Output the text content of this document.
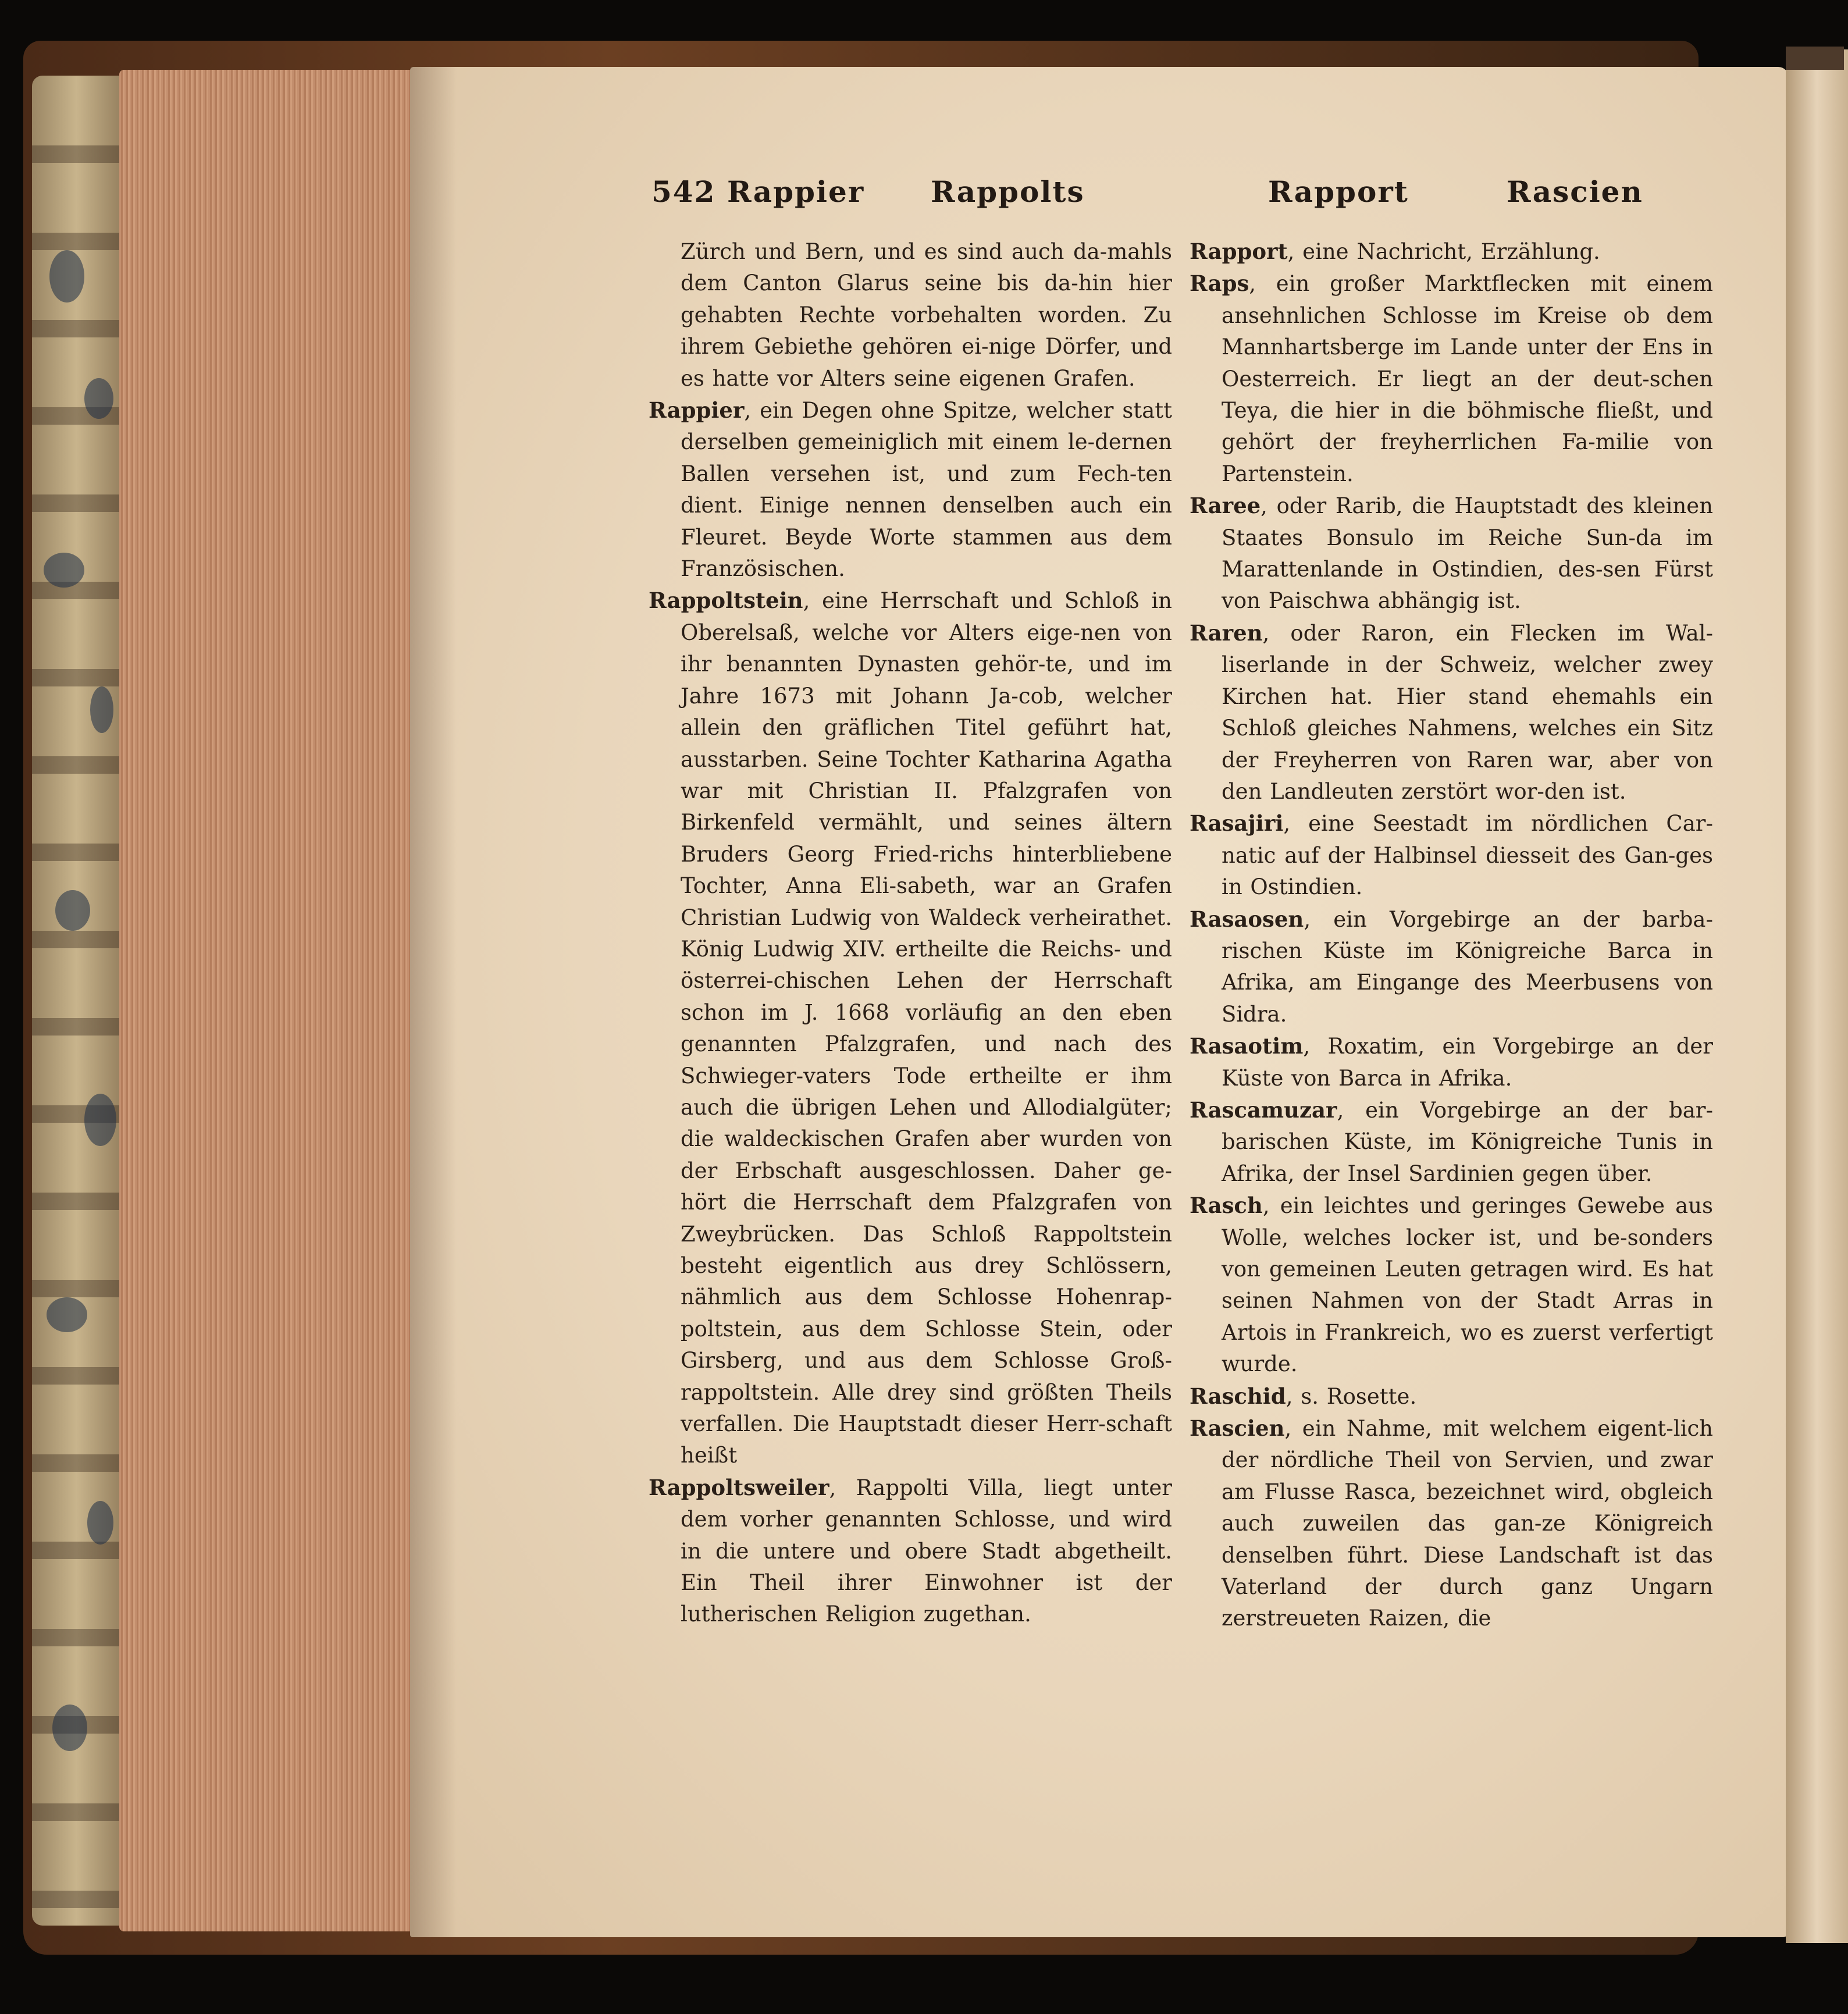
542 Rappier Rappolts	Rapport	Rascien

Zürch und Bern, und es sind auch da-mahls dem Canton Glarus seine bis da-hin hier gehabten Rechte vorbehalten worden. Zu ihrem Gebiethe gehören ei-nige Dörfer, und es hatte vor Alters seine eigenen Grafen.

Rappier, ein Degen ohne Spitze, welcher statt derselben gemeiniglich mit einem le-dernen Ballen versehen ist, und zum Fech-ten dient. Einige nennen denselben auch ein Fleuret. Beyde Worte stammen aus dem Französischen.

Rappoltstein, eine Herrschaft und Schloß in Oberelsaß, welche vor Alters eige-nen von ihr benannten Dynasten gehör-te, und im Jahre 1673 mit Johann Ja-cob, welcher allein den gräflichen Titel geführt hat, ausstarben. Seine Tochter Katharina Agatha war mit Christian II. Pfalzgrafen von Birkenfeld vermählt, und seines ältern Bruders Georg Fried-richs hinterbliebene Tochter, Anna Eli-sabeth, war an Grafen Christian Ludwig von Waldeck verheirathet. König Ludwig XIV. ertheilte die Reichs- und österrei-chischen Lehen der Herrschaft schon im J. 1668 vorläufig an den eben genannten Pfalzgrafen, und nach des Schwieger-vaters Tode ertheilte er ihm auch die übrigen Lehen und Allodialgüter; die waldeckischen Grafen aber wurden von der Erbschaft ausgeschlossen. Daher ge-hört die Herrschaft dem Pfalzgrafen von Zweybrücken. Das Schloß Rappoltstein besteht eigentlich aus drey Schlössern, nähmlich aus dem Schlosse Hohenrap-poltstein, aus dem Schlosse Stein, oder Girsberg, und aus dem Schlosse Groß-rappoltstein. Alle drey sind größten Theils verfallen. Die Hauptstadt dieser Herr-schaft heißt

Rappoltsweiler, Rappolti Villa, liegt unter dem vorher genannten Schlosse, und wird in die untere und obere Stadt abgetheilt. Ein Theil ihrer Einwohner ist der lutherischen Religion zugethan.

Rapport, eine Nachricht, Erzählung.

Raps, ein großer Marktflecken mit einem ansehnlichen Schlosse im Kreise ob dem Mannhartsberge im Lande unter der Ens in Oesterreich. Er liegt an der deut-schen Teya, die hier in die böhmische fließt, und gehört der freyherrlichen Fa-milie von Partenstein.

Raree, oder Rarib, die Hauptstadt des kleinen Staates Bonsulo im Reiche Sun-da im Marattenlande in Ostindien, des-sen Fürst von Paischwa abhängig ist.

Raren, oder Raron, ein Flecken im Wal-liserlande in der Schweiz, welcher zwey Kirchen hat. Hier stand ehemahls ein Schloß gleiches Nahmens, welches ein Sitz der Freyherren von Raren war, aber von den Landleuten zerstört wor-den ist.

Rasajiri, eine Seestadt im nördlichen Car-natic auf der Halbinsel diesseit des Gan-ges in Ostindien.

Rasaosen, ein Vorgebirge an der barba-rischen Küste im Königreiche Barca in Afrika, am Eingange des Meerbusens von Sidra.

Rasaotim, Roxatim, ein Vorgebirge an der Küste von Barca in Afrika.

Rascamuzar, ein Vorgebirge an der bar-barischen Küste, im Königreiche Tunis in Afrika, der Insel Sardinien gegen über.

Rasch, ein leichtes und geringes Gewebe aus Wolle, welches locker ist, und be-sonders von gemeinen Leuten getragen wird. Es hat seinen Nahmen von der Stadt Arras in Artois in Frankreich, wo es zuerst verfertigt wurde.

Raschid, s. Rosette.

Rascien, ein Nahme, mit welchem eigent-lich der nördliche Theil von Servien, und zwar am Flusse Rasca, bezeichnet wird, obgleich auch zuweilen das gan-ze Königreich denselben führt. Diese Landschaft ist das Vaterland der durch ganz Ungarn zerstreueten Raizen, die
